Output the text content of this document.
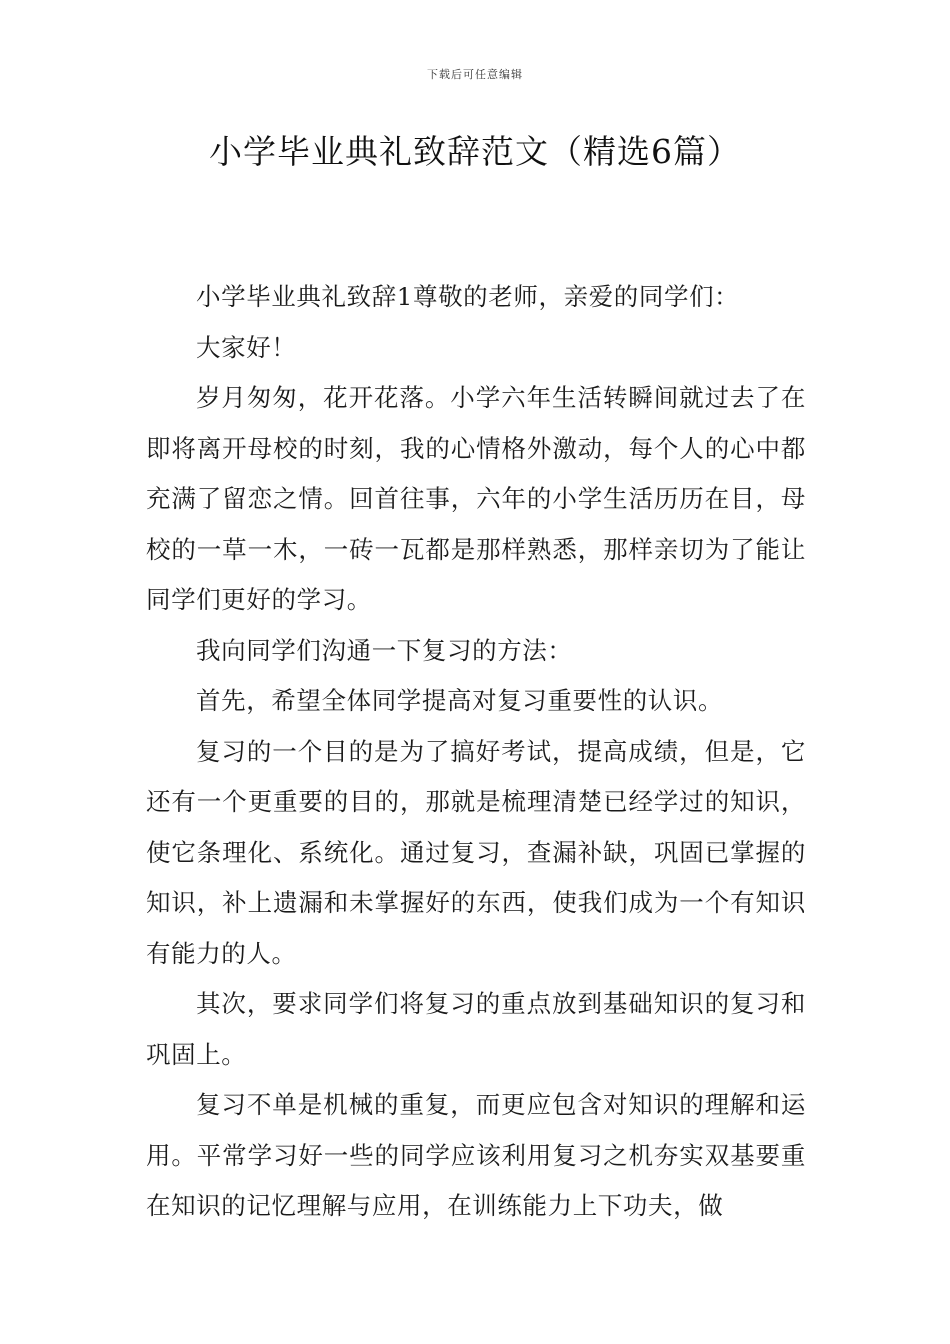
下载后可任意编辑
小学毕业典礼致辞范文（精选6篇）

小学毕业典礼致辞1尊敬的老师，亲爱的同学们：

大家好！

岁月匆匆，花开花落。小学六年生活转瞬间就过去了在即将离开母校的时刻，我的心情格外激动，每个人的心中都充满了留恋之情。回首往事，六年的小学生活历历在目，母校的一草一木，一砖一瓦都是那样熟悉，那样亲切为了能让同学们更好的学习。

我向同学们沟通一下复习的方法：

首先，希望全体同学提高对复习重要性的认识。

复习的一个目的是为了搞好考试，提高成绩，但是，它还有一个更重要的目的，那就是梳理清楚已经学过的知识，使它条理化、系统化。通过复习，查漏补缺，巩固已掌握的知识，补上遗漏和未掌握好的东西，使我们成为一个有知识有能力的人。

其次，要求同学们将复习的重点放到基础知识的复习和巩固上。

复习不单是机械的重复，而更应包含对知识的理解和运用。平常学习好一些的同学应该利用复习之机夯实双基要重在知识的记忆理解与应用，在训练能力上下功夫，做
